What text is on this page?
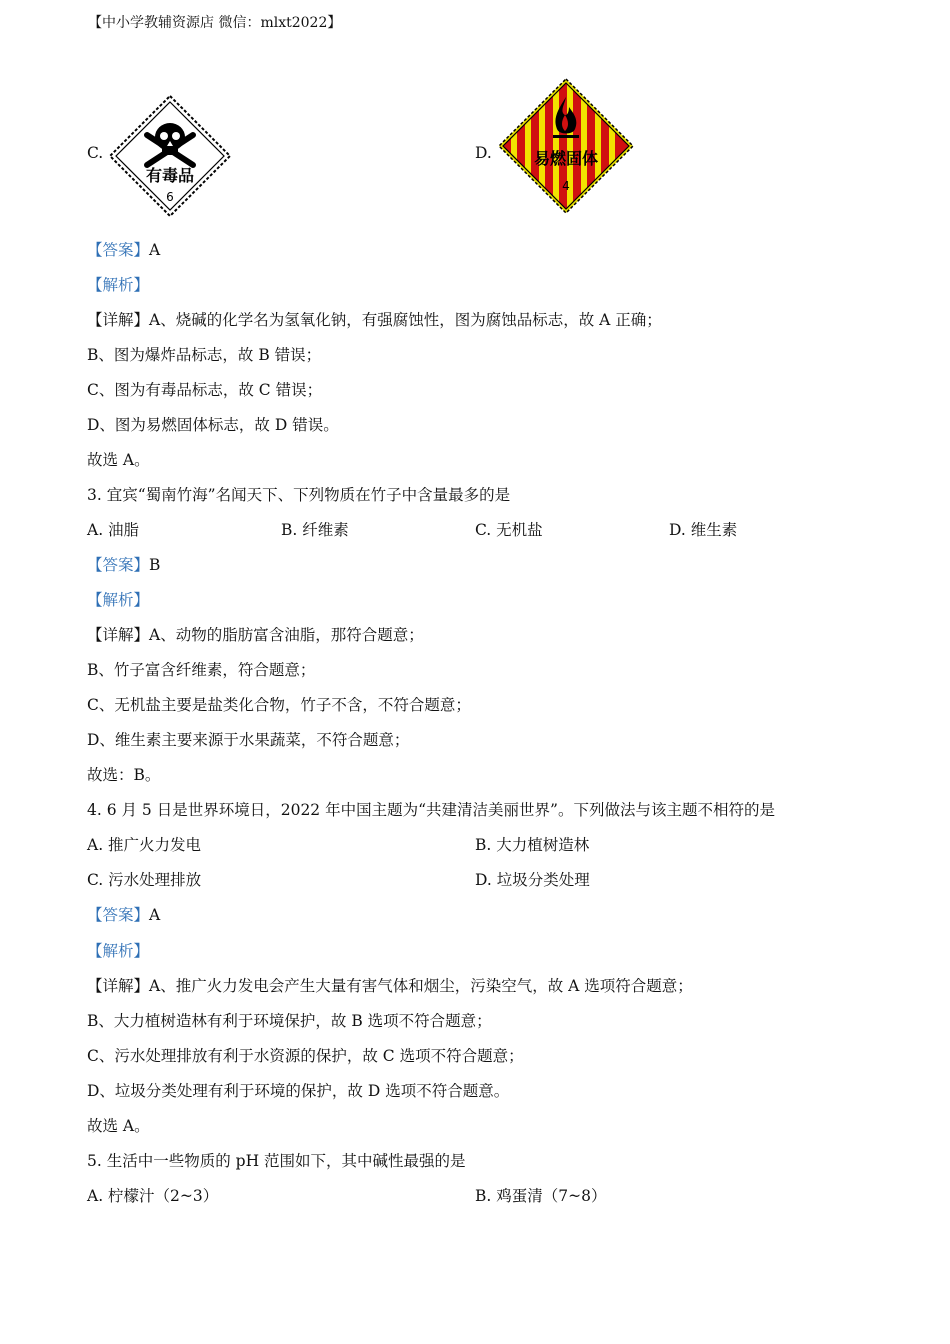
【中小学教辅资源店 微信：mlxt2022】
C.
有毒品
6
D.	易燃固体
4
【答案】A
【解析】
【详解】A、烧碱的化学名为氢氧化钠，有强腐蚀性，图为腐蚀品标志，故 A 正确；
B、图为爆炸品标志，故 B 错误；
C、图为有毒品标志，故 C 错误；
D、图为易燃固体标志，故 D 错误。
故选 A。
3. 宜宾“蜀南竹海”名闻天下、下列物质在竹子中含量最多的是
A. 油脂	B. 纤维素	C. 无机盐	D. 维生素
【答案】B
【解析】
【详解】A、动物的脂肪富含油脂，那符合题意；
B、竹子富含纤维素，符合题意；
C、无机盐主要是盐类化合物，竹子不含，不符合题意；
D、维生素主要来源于水果蔬菜，不符合题意；
故选：B。
4. 6 月 5 日是世界环境日，2022 年中国主题为“共建清洁美丽世界”。下列做法与该主题不相符的是
A. 推广火力发电	B. 大力植树造林
C. 污水处理排放	D. 垃圾分类处理
【答案】A
【解析】
【详解】A、推广火力发电会产生大量有害气体和烟尘，污染空气，故 A 选项符合题意；
B、大力植树造林有利于环境保护，故 B 选项不符合题意；
C、污水处理排放有利于水资源的保护，故 C 选项不符合题意；
D、垃圾分类处理有利于环境的保护，故 D 选项不符合题意。
故选 A。
5. 生活中一些物质的 pH 范围如下，其中碱性最强的是
A. 柠檬汁（2~3）	B. 鸡蛋清（7~8）
